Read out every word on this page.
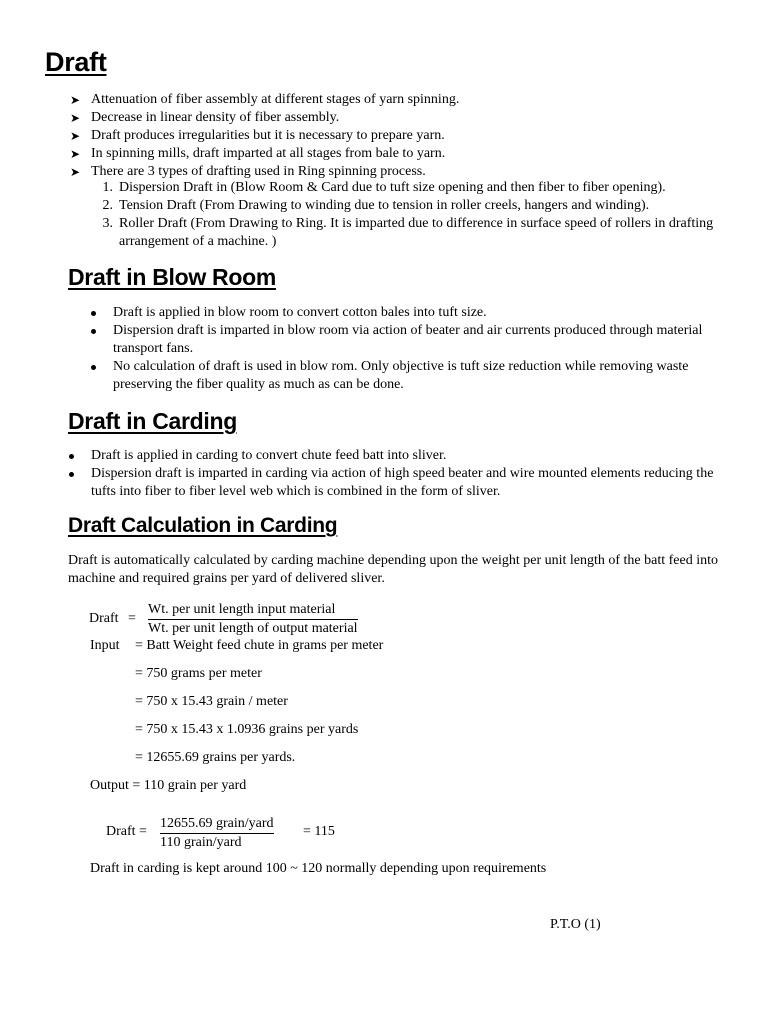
Draft
➤ Attenuation of fiber assembly at different stages of yarn spinning.
➤ Decrease in linear density of fiber assembly.
➤ Draft produces irregularities but it is necessary to prepare yarn.
➤ In spinning mills, draft imparted at all stages from bale to yarn.
➤ There are 3 types of drafting used in Ring spinning process.
1. Dispersion Draft in (Blow Room & Card due to tuft size opening and then fiber to fiber opening).
2. Tension Draft (From Drawing to winding due to tension in roller creels, hangers and winding).
3. Roller Draft (From Drawing to Ring. It is imparted due to difference in surface speed of rollers in drafting
arrangement of a machine. )
Draft in Blow Room
Draft is applied in blow room to convert cotton bales into tuft size.
Dispersion draft is imparted in blow room via action of beater and air currents produced through material
transport fans.
No calculation of draft is used in blow rom. Only objective is tuft size reduction while removing waste
preserving the fiber quality as much as can be done.
Draft in Carding
Draft is applied in carding to convert chute feed batt into sliver.
Dispersion draft is imparted in carding via action of high speed beater and wire mounted elements reducing the
tufts into fiber to fiber level web which is combined in the form of sliver.
Draft Calculation in Carding
Draft is automatically calculated by carding machine depending upon the weight per unit length of the batt feed into
machine and required grains per yard of delivered sliver.
Draft =
Wt. per unit length input material
Wt. per unit length of output material
Input = Batt Weight feed chute in grams per meter
= 750 grams per meter
= 750 x 15.43 grain / meter
= 750 x 15.43 x 1.0936 grains per yards
= 12655.69 grains per yards.
Output = 110 grain per yard
Draft =
12655.69 grain/yard
110 grain/yard
= 115
Draft in carding is kept around 100 ~ 120 normally depending upon requirements
P.T.O (1)
